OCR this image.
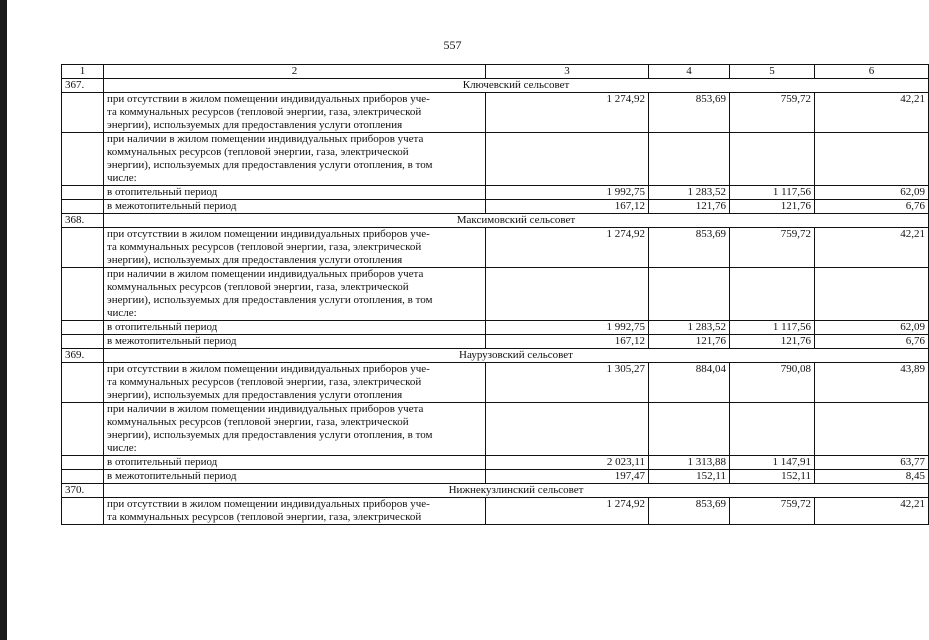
557
1	2	3	4	5	6
367.	Ключевский сельсовет				
	при отсутствии в жилом помещении индивидуальных приборов уче-
та коммунальных ресурсов (тепловой энергии, газа, электрической
энергии), используемых для предоставления услуги отопления	1 274,92	853,69	759,72	42,21
	при наличии в жилом помещении индивидуальных приборов учета
коммунальных ресурсов (тепловой энергии, газа, электрической
энергии), используемых для предоставления услуги отопления, в том
числе:				
	в отопительный период	1 992,75	1 283,52	1 117,56	62,09
	в межотопительный период	167,12	121,76	121,76	6,76
368.	Максимовский сельсовет				
	при отсутствии в жилом помещении индивидуальных приборов уче-
та коммунальных ресурсов (тепловой энергии, газа, электрической
энергии), используемых для предоставления услуги отопления	1 274,92	853,69	759,72	42,21
	при наличии в жилом помещении индивидуальных приборов учета
коммунальных ресурсов (тепловой энергии, газа, электрической
энергии), используемых для предоставления услуги отопления, в том
числе:				
	в отопительный период	1 992,75	1 283,52	1 117,56	62,09
	в межотопительный период	167,12	121,76	121,76	6,76
369.	Наурузовский сельсовет				
	при отсутствии в жилом помещении индивидуальных приборов уче-
та коммунальных ресурсов (тепловой энергии, газа, электрической
энергии), используемых для предоставления услуги отопления	1 305,27	884,04	790,08	43,89
	при наличии в жилом помещении индивидуальных приборов учета
коммунальных ресурсов (тепловой энергии, газа, электрической
энергии), используемых для предоставления услуги отопления, в том
числе:				
	в отопительный период	2 023,11	1 313,88	1 147,91	63,77
	в межотопительный период	197,47	152,11	152,11	8,45
370.	Нижнекузлинский сельсовет				
	при отсутствии в жилом помещении индивидуальных приборов уче-
та коммунальных ресурсов (тепловой энергии, газа, электрической	1 274,92	853,69	759,72	42,21
